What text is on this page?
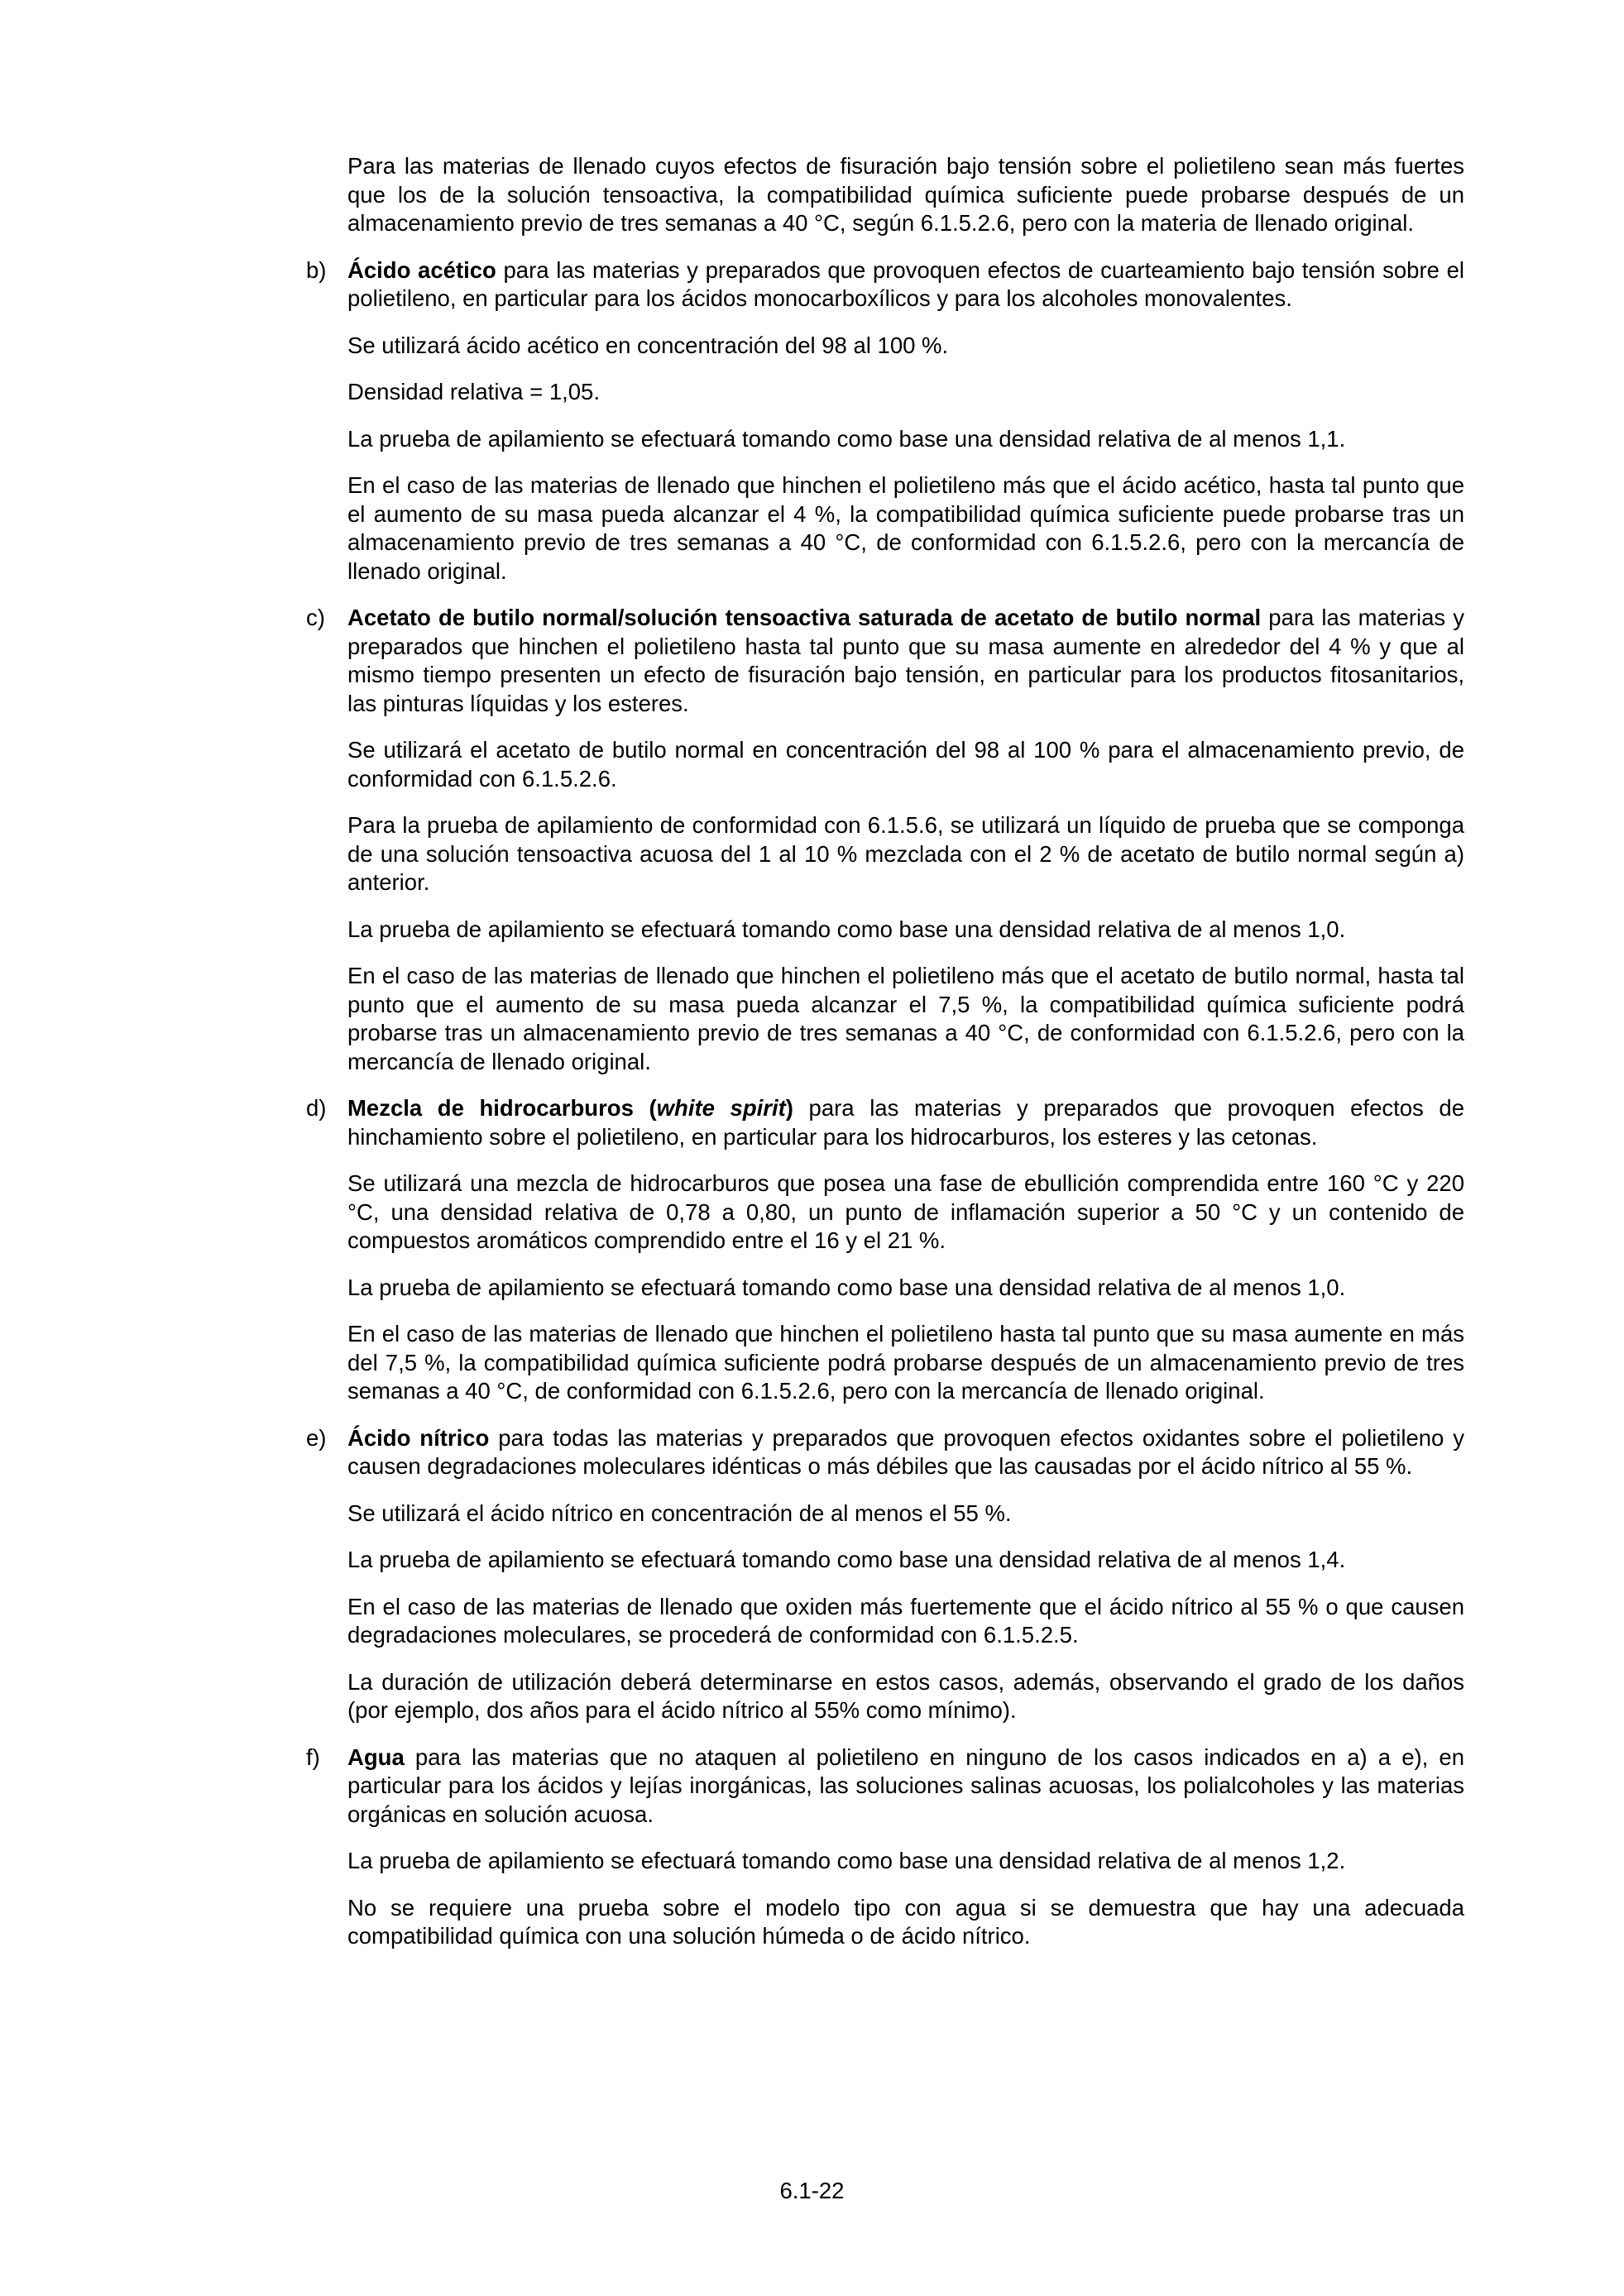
Para las materias de llenado cuyos efectos de fisuración bajo tensión sobre el polietileno sean más fuertes que los de la solución tensoactiva, la compatibilidad química suficiente puede probarse después de un almacenamiento previo de tres semanas a 40 °C, según 6.1.5.2.6, pero con la materia de llenado original.

b) Ácido acético para las materias y preparados que provoquen efectos de cuarteamiento bajo tensión sobre el polietileno, en particular para los ácidos monocarboxílicos y para los alcoholes monovalentes.

Se utilizará ácido acético en concentración del 98 al 100 %.

Densidad relativa = 1,05.

La prueba de apilamiento se efectuará tomando como base una densidad relativa de al menos 1,1.

En el caso de las materias de llenado que hinchen el polietileno más que el ácido acético, hasta tal punto que el aumento de su masa pueda alcanzar el 4 %, la compatibilidad química suficiente puede probarse tras un almacenamiento previo de tres semanas a 40 °C, de conformidad con 6.1.5.2.6, pero con la mercancía de llenado original.

c) Acetato de butilo normal/solución tensoactiva saturada de acetato de butilo normal para las materias y preparados que hinchen el polietileno hasta tal punto que su masa aumente en alrededor del 4 % y que al mismo tiempo presenten un efecto de fisuración bajo tensión, en particular para los productos fitosanitarios, las pinturas líquidas y los esteres.

Se utilizará el acetato de butilo normal en concentración del 98 al 100 % para el almacenamiento previo, de conformidad con 6.1.5.2.6.

Para la prueba de apilamiento de conformidad con 6.1.5.6, se utilizará un líquido de prueba que se componga de una solución tensoactiva acuosa del 1 al 10 % mezclada con el 2 % de acetato de butilo normal según a) anterior.

La prueba de apilamiento se efectuará tomando como base una densidad relativa de al menos 1,0.

En el caso de las materias de llenado que hinchen el polietileno más que el acetato de butilo normal, hasta tal punto que el aumento de su masa pueda alcanzar el 7,5 %, la compatibilidad química suficiente podrá probarse tras un almacenamiento previo de tres semanas a 40 °C, de conformidad con 6.1.5.2.6, pero con la mercancía de llenado original.

d) Mezcla de hidrocarburos (white spirit) para las materias y preparados que provoquen efectos de hinchamiento sobre el polietileno, en particular para los hidrocarburos, los esteres y las cetonas.

Se utilizará una mezcla de hidrocarburos que posea una fase de ebullición comprendida entre 160 °C y 220 °C, una densidad relativa de 0,78 a 0,80, un punto de inflamación superior a 50 °C y un contenido de compuestos aromáticos comprendido entre el 16 y el 21 %.

La prueba de apilamiento se efectuará tomando como base una densidad relativa de al menos 1,0.

En el caso de las materias de llenado que hinchen el polietileno hasta tal punto que su masa aumente en más del 7,5 %, la compatibilidad química suficiente podrá probarse después de un almacenamiento previo de tres semanas a 40 °C, de conformidad con 6.1.5.2.6, pero con la mercancía de llenado original.

e) Ácido nítrico para todas las materias y preparados que provoquen efectos oxidantes sobre el polietileno y causen degradaciones moleculares idénticas o más débiles que las causadas por el ácido nítrico al 55 %.

Se utilizará el ácido nítrico en concentración de al menos el 55 %.

La prueba de apilamiento se efectuará tomando como base una densidad relativa de al menos 1,4.

En el caso de las materias de llenado que oxiden más fuertemente que el ácido nítrico al 55 % o que causen degradaciones moleculares, se procederá de conformidad con 6.1.5.2.5.

La duración de utilización deberá determinarse en estos casos, además, observando el grado de los daños (por ejemplo, dos años para el ácido nítrico al 55% como mínimo).

f)	Agua para las materias que no ataquen al polietileno en ninguno de los casos indicados en a) a e), en particular para los ácidos y lejías inorgánicas, las soluciones salinas acuosas, los polialcoholes y las materias orgánicas en solución acuosa.

La prueba de apilamiento se efectuará tomando como base una densidad relativa de al menos 1,2.

No se requiere una prueba sobre el modelo tipo con agua si se demuestra que hay una adecuada compatibilidad química con una solución húmeda o de ácido nítrico.

6.1-22
